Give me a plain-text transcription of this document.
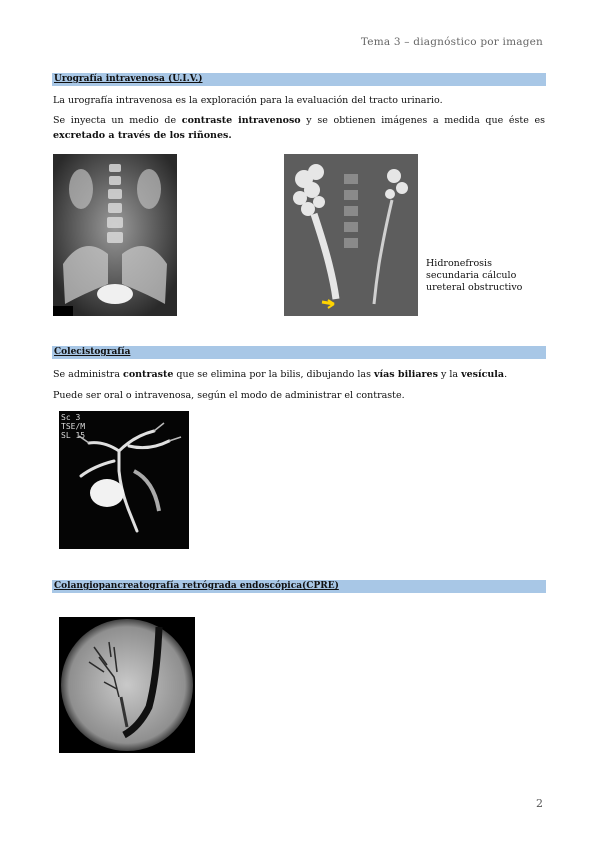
Tema 3 – diagnóstico por imagen
Urografía intravenosa (U.I.V.)
La urografía intravenosa es la exploración para la evaluación del tracto urinario.
Se inyecta un medio de contraste intravenoso y se obtienen imágenes a medida que éste es excretado a través de los riñones.
Hidronefrosis secundaria cálculo ureteral obstructivo
Colecistografía
Se administra contraste que se elimina por la bilis, dibujando las vías biliares y la vesícula.
Puede ser oral o intravenosa, según el modo de administrar el contraste.
Sc 3
TSE/M
SL 15
Colangiopancreatografía retrógrada endoscópica(CPRE)
2
